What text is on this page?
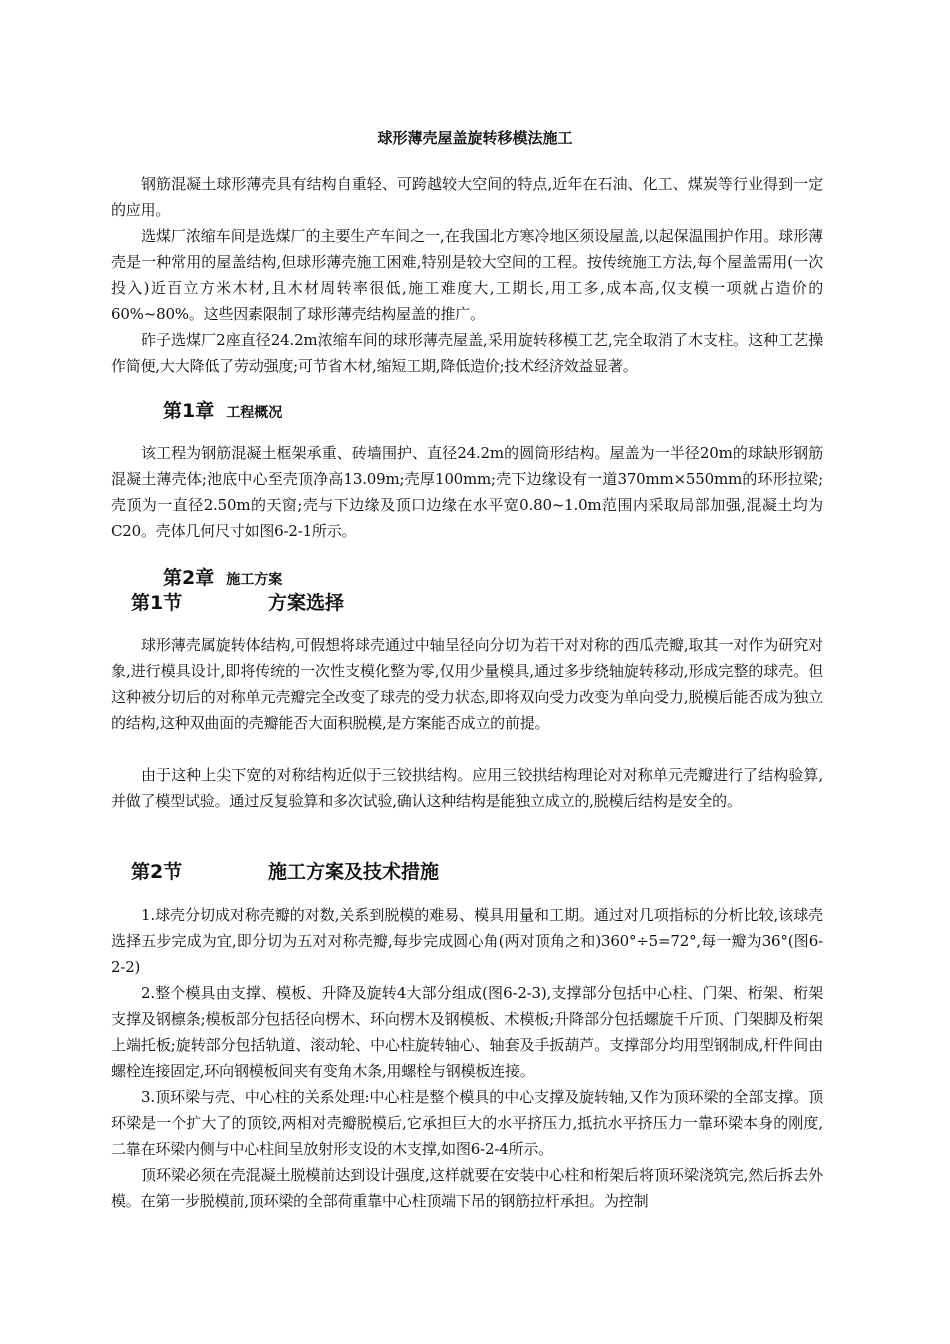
球形薄壳屋盖旋转移模法施工

钢筋混凝土球形薄壳具有结构自重轻、可跨越较大空间的特点,近年在石油、化工、煤炭等行业得到一定的应用。

选煤厂浓缩车间是选煤厂的主要生产车间之一,在我国北方寒冷地区须设屋盖,以起保温围护作用。球形薄壳是一种常用的屋盖结构,但球形薄壳施工困难,特别是较大空间的工程。按传统施工方法,每个屋盖需用(一次投入)近百立方米木材,且木材周转率很低,施工难度大,工期长,用工多,成本高,仅支模一项就占造价的60%~80%。这些因素限制了球形薄壳结构屋盖的推广。

砟子选煤厂2座直径24.2m浓缩车间的球形薄壳屋盖,采用旋转移模工艺,完全取消了木支柱。这种工艺操作简便,大大降低了劳动强度;可节省木材,缩短工期,降低造价;技术经济效益显著。

第1章 工程概况

该工程为钢筋混凝土框架承重、砖墙围护、直径24.2m的圆筒形结构。屋盖为一半径20m的球缺形钢筋混凝土薄壳体;池底中心至壳顶净高13.09m;壳厚100mm;壳下边缘设有一道370mm×550mm的环形拉梁;壳顶为一直径2.50m的天窗;壳与下边缘及顶口边缘在水平宽0.80~1.0m范围内采取局部加强,混凝土均为C20。壳体几何尺寸如图6-2-1所示。

第2章 施工方案
第1节	方案选择

球形薄壳属旋转体结构,可假想将球壳通过中轴呈径向分切为若干对对称的西瓜壳瓣,取其一对作为研究对象,进行模具设计,即将传统的一次性支模化整为零,仅用少量模具,通过多步绕轴旋转移动,形成完整的球壳。但这种被分切后的对称单元壳瓣完全改变了球壳的受力状态,即将双向受力改变为单向受力,脱模后能否成为独立的结构,这种双曲面的壳瓣能否大面积脱模,是方案能否成立的前提。

由于这种上尖下宽的对称结构近似于三铰拱结构。应用三铰拱结构理论对对称单元壳瓣进行了结构验算,并做了模型试验。通过反复验算和多次试验,确认这种结构是能独立成立的,脱模后结构是安全的。

第2节	施工方案及技术措施

1.球壳分切成对称壳瓣的对数,关系到脱模的难易、模具用量和工期。通过对几项指标的分析比较,该球壳选择五步完成为宜,即分切为五对对称壳瓣,每步完成圆心角(两对顶角之和)360°÷5=72°,每一瓣为36°(图6-2-2)

2.整个模具由支撑、模板、升降及旋转4大部分组成(图6-2-3),支撑部分包括中心柱、门架、桁架、桁架支撑及钢檩条;模板部分包括径向楞木、环向楞木及钢模板、术模板;升降部分包括螺旋千斤顶、门架脚及桁架上端托板;旋转部分包括轨道、滚动轮、中心柱旋转轴心、轴套及手扳葫芦。支撑部分均用型钢制成,杆件间由螺栓连接固定,环向钢模板间夹有变角木条,用螺栓与钢模板连接。

3.顶环梁与壳、中心柱的关系处理:中心柱是整个模具的中心支撑及旋转轴,又作为顶环梁的全部支撑。顶环梁是一个扩大了的顶铰,两相对壳瓣脱模后,它承担巨大的水平挤压力,抵抗水平挤压力一靠环梁本身的刚度,二靠在环梁内侧与中心柱间呈放射形支设的木支撑,如图6-2-4所示。

顶环梁必须在壳混凝土脱模前达到设计强度,这样就要在安装中心柱和桁架后将顶环梁浇筑完,然后拆去外模。在第一步脱模前,顶环梁的全部荷重靠中心柱顶端下吊的钢筋拉杆承担。为控制
